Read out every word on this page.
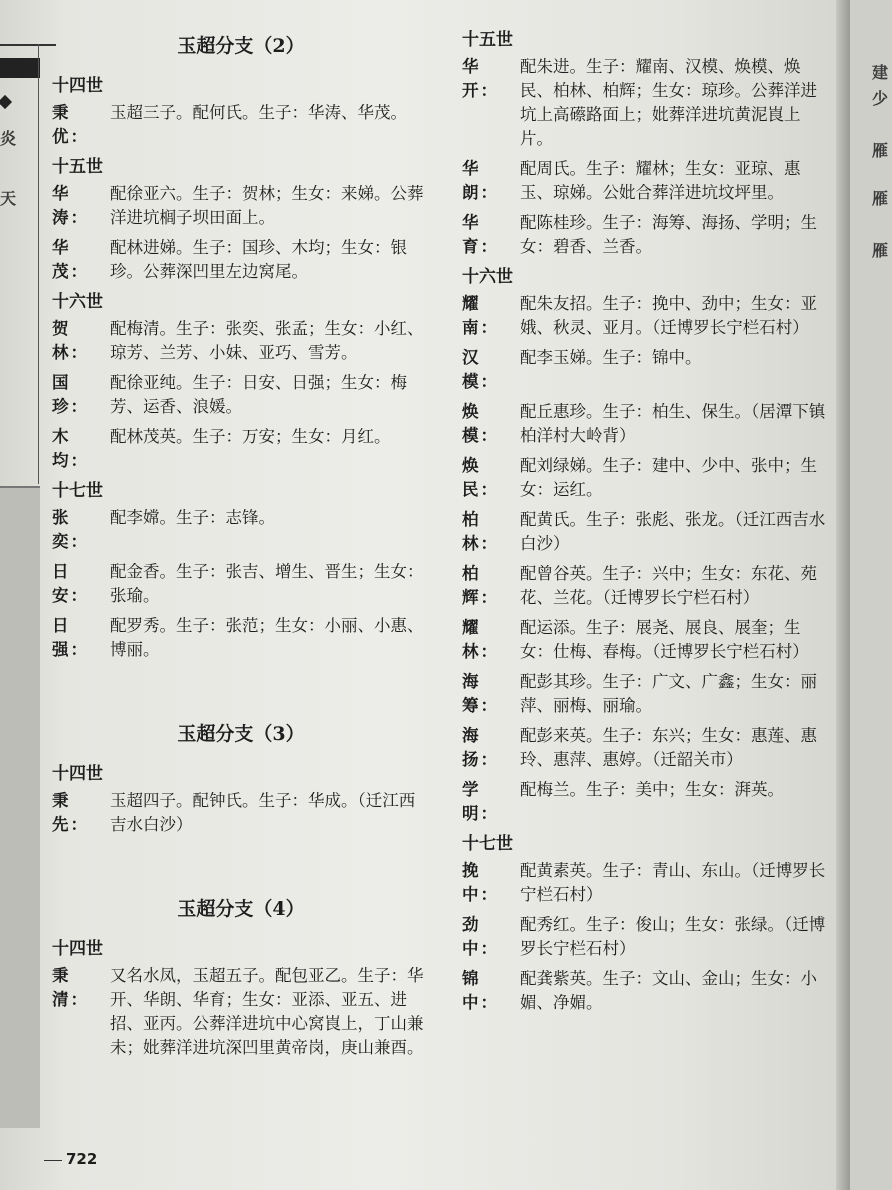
炎
建
少
雁
雁
雁
天
玉超分支（2）
十四世
秉 优：
玉超三子。配何氏。生子：华涛、华茂。
十五世
华 涛：
配徐亚六。生子：贺林；生女：来娣。公葬洋进坑榈子坝田面上。
华 茂：
配林进娣。生子：国珍、木均；生女：银珍。公葬深凹里左边窝尾。
十六世
贺 林：
配梅清。生子：张奕、张孟；生女：小红、琼芳、兰芳、小妹、亚巧、雪芳。
国 珍：
配徐亚纯。生子：日安、日强；生女：梅芳、运香、浪媛。
木 均：
配林茂英。生子：万安；生女：月红。
十七世
张 奕：
配李嫦。生子：志锋。
日 安：
配金香。生子：张吉、增生、晋生；生女：张瑜。
日 强：
配罗秀。生子：张范；生女：小丽、小惠、博丽。
玉超分支（3）
十四世
秉 先：
玉超四子。配钟氏。生子：华成。（迁江西吉水白沙）
玉超分支（4）
十四世
秉 清：
又名水凤，玉超五子。配包亚乙。生子：华开、华朗、华育；生女：亚添、亚五、进招、亚丙。公葬洋进坑中心窝崀上，丁山兼未；妣葬洋进坑深凹里黄帝岗，庚山兼酉。
十五世
华 开：
配朱进。生子：耀南、汉模、焕模、焕民、柏林、柏辉；生女：琼珍。公葬洋进坑上高礤路面上；妣葬洋进坑黄泥崀上片。
华 朗：
配周氏。生子：耀林；生女：亚琼、惠玉、琼娣。公妣合葬洋进坑坟坪里。
华 育：
配陈桂珍。生子：海筹、海扬、学明；生女：碧香、兰香。
十六世
耀 南：
配朱友招。生子：挽中、劲中；生女：亚娥、秋灵、亚月。（迁博罗长宁栏石村）
汉 模：
配李玉娣。生子：锦中。
焕 模：
配丘惠珍。生子：柏生、保生。（居潭下镇柏洋村大岭背）
焕 民：
配刘绿娣。生子：建中、少中、张中；生女：运红。
柏 林：
配黄氏。生子：张彪、张龙。（迁江西吉水白沙）
柏 辉：
配曾谷英。生子：兴中；生女：东花、苑花、兰花。（迁博罗长宁栏石村）
耀 林：
配运添。生子：展尧、展良、展奎；生女：仕梅、春梅。（迁博罗长宁栏石村）
海 筹：
配彭其珍。生子：广文、广鑫；生女：丽萍、丽梅、丽瑜。
海 扬：
配彭来英。生子：东兴；生女：惠莲、惠玲、惠萍、惠婷。（迁韶关市）
学 明：
配梅兰。生子：美中；生女：湃英。
十七世
挽 中：
配黄素英。生子：青山、东山。（迁博罗长宁栏石村）
劲 中：
配秀红。生子：俊山；生女：张绿。（迁博罗长宁栏石村）
锦 中：
配龚紫英。生子：文山、金山；生女：小媚、净媚。
722
